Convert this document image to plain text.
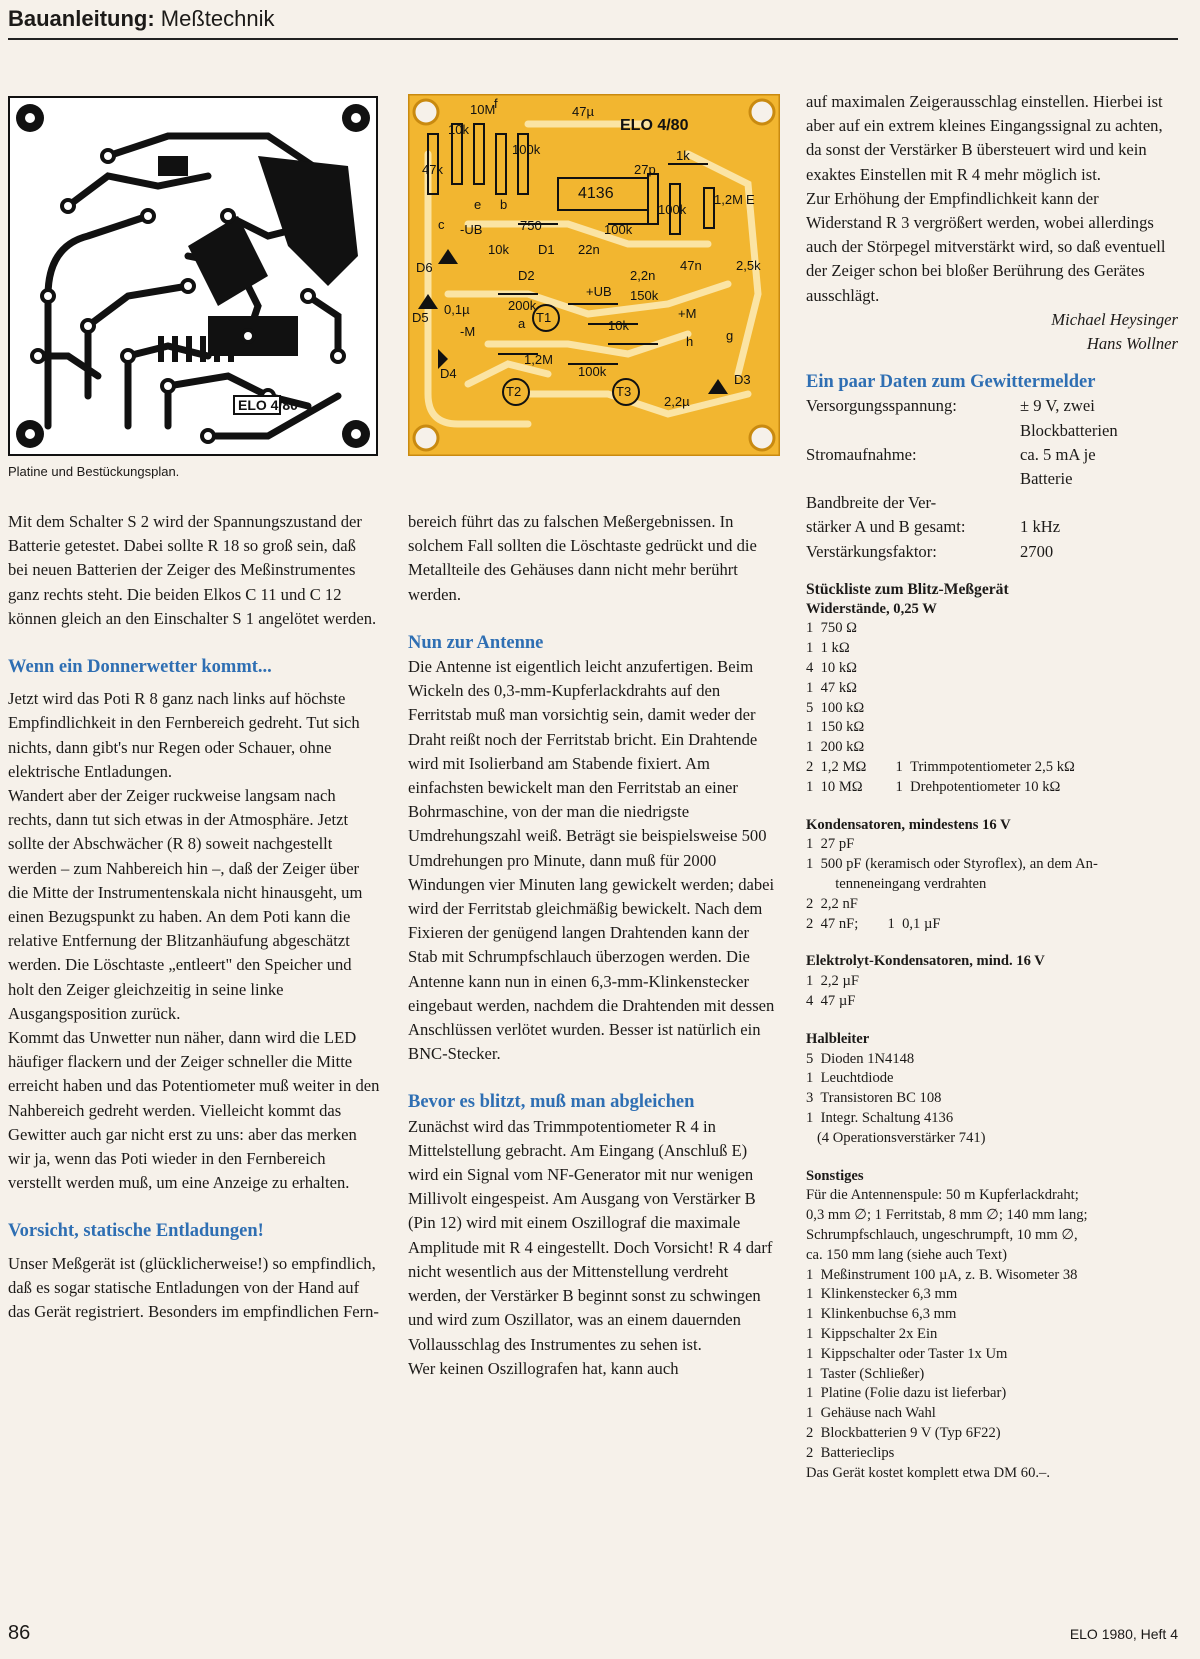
Bauanleitung: Meßtechnik
ELO 4/80
47k
10k
10M
f
100k
47µ
1k
4136
27p
100k
1,2M E
c -UB
e b
750	100k
10k D1 22n
2,2n
2,5k
D6
D2
47n
+UB 150k
D5
0,1µ	200k
T1
10k
+M
-M
a
h	g
D4
1,2M
100k
T2	T3
2,2µ
D3
ELO 4/80
Platine und Bestückungsplan.

Mit dem Schalter S 2 wird der Spannungszustand der Batterie getestet. Dabei sollte R 18 so groß sein, daß bei neuen Batterien der Zeiger des Meßinstrumentes ganz rechts steht. Die beiden Elkos C 11 und C 12 können gleich an den Einschalter S 1 angelötet werden.

Wenn ein Donnerwetter kommt...

Jetzt wird das Poti R 8 ganz nach links auf höchste Empfindlichkeit in den Fernbereich gedreht. Tut sich nichts, dann gibt's nur Regen oder Schauer, ohne elektrische Entladungen.

Wandert aber der Zeiger ruckweise langsam nach rechts, dann tut sich etwas in der Atmosphäre. Jetzt sollte der Abschwächer (R 8) soweit nachgestellt werden – zum Nahbereich hin –, daß der Zeiger über die Mitte der Instrumentenskala nicht hinausgeht, um einen Bezugspunkt zu haben. An dem Poti kann die relative Entfernung der Blitzanhäufung abgeschätzt werden. Die Löschtaste „entleert" den Speicher und holt den Zeiger gleichzeitig in seine linke Ausgangsposition zurück.

Kommt das Unwetter nun näher, dann wird die LED häufiger flackern und der Zeiger schneller die Mitte erreicht haben und das Potentiometer muß weiter in den Nahbereich gedreht werden. Vielleicht kommt das Gewitter auch gar nicht erst zu uns: aber das merken wir ja, wenn das Poti wieder in den Fernbereich verstellt werden muß, um eine Anzeige zu erhalten.

Vorsicht, statische Entladungen!

Unser Meßgerät ist (glücklicherweise!) so empfindlich, daß es sogar statische Entladungen von der Hand auf das Gerät registriert. Besonders im empfindlichen Fern-

bereich führt das zu falschen Meßergebnissen. In solchem Fall sollten die Löschtaste gedrückt und die Metallteile des Gehäuses dann nicht mehr berührt werden.

Nun zur Antenne

Die Antenne ist eigentlich leicht anzufertigen. Beim Wickeln des 0,3-mm-Kupferlackdrahts auf den Ferritstab muß man vorsichtig sein, damit weder der Draht reißt noch der Ferritstab bricht. Ein Drahtende wird mit Isolierband am Stabende fixiert. Am einfachsten bewickelt man den Ferritstab an einer Bohrmaschine, von der man die niedrigste Umdrehungszahl weiß. Beträgt sie beispielsweise 500 Umdrehungen pro Minute, dann muß für 2000 Windungen vier Minuten lang gewickelt werden; dabei wird der Ferritstab gleichmäßig bewickelt. Nach dem Fixieren der genügend langen Drahtenden kann der Stab mit Schrumpfschlauch überzogen werden. Die Antenne kann nun in einen 6,3-mm-Klinkenstecker eingebaut werden, nachdem die Drahtenden mit dessen Anschlüssen verlötet wurden. Besser ist natürlich ein BNC-Stecker.

Bevor es blitzt, muß man abgleichen

Zunächst wird das Trimmpotentiometer R 4 in Mittelstellung gebracht. Am Eingang (Anschluß E) wird ein Signal vom NF-Generator mit nur wenigen Millivolt eingespeist. Am Ausgang von Verstärker B (Pin 12) wird mit einem Oszillograf die maximale Amplitude mit R 4 eingestellt. Doch Vorsicht! R 4 darf nicht wesentlich aus der Mittenstellung verdreht werden, der Verstärker B beginnt sonst zu schwingen und wird zum Oszillator, was an einem dauernden Vollausschlag des Instrumentes zu sehen ist.

Wer keinen Oszillografen hat, kann auch

auf maximalen Zeigerausschlag einstellen. Hierbei ist aber auf ein extrem kleines Eingangssignal zu achten, da sonst der Verstärker B übersteuert wird und kein exaktes Einstellen mit R 4 mehr möglich ist.

Zur Erhöhung der Empfindlichkeit kann der Widerstand R 3 vergrößert werden, wobei allerdings auch der Störpegel mitverstärkt wird, so daß eventuell der Zeiger schon bei bloßer Berührung des Gerätes ausschlägt.

Michael Heysinger

Hans Wollner

Ein paar Daten zum Gewittermelder
Versorgungsspannung:	± 9 V, zwei
Blockbatterien
Stromaufnahme:	ca. 5 mA je
Batterie
Bandbreite der Ver-
stärker A und B gesamt:	1 kHz
Verstärkungsfaktor:	2700
Stückliste zum Blitz-Meßgerät
Widerstände, 0,25 W
1  750 Ω
1  1 kΩ
4  10 kΩ
1  47 kΩ
5  100 kΩ
1  150 kΩ
1  200 kΩ
2  1,2 MΩ        1  Trimmpotentiometer 2,5 kΩ
1  10 MΩ         1  Drehpotentiometer 10 kΩ
Kondensatoren, mindestens 16 V
1  27 pF
1  500 pF (keramisch oder Styroflex), an dem An-
tenneneingang verdrahten
2  2,2 nF
2  47 nF;        1  0,1 µF
Elektrolyt-Kondensatoren, mind. 16 V
1  2,2 µF
4  47 µF
Halbleiter
5  Dioden 1N4148
1  Leuchtdiode
3  Transistoren BC 108
1  Integr. Schaltung 4136
(4 Operationsverstärker 741)
Sonstiges
Für die Antennenspule: 50 m Kupferlackdraht;
0,3 mm ∅; 1 Ferritstab, 8 mm ∅; 140 mm lang;
Schrumpfschlauch, ungeschrumpft, 10 mm ∅,
ca. 150 mm lang (siehe auch Text)
1  Meßinstrument 100 µA, z. B. Wisometer 38
1  Klinkenstecker 6,3 mm
1  Klinkenbuchse 6,3 mm
1  Kippschalter 2x Ein
1  Kippschalter oder Taster 1x Um
1  Taster (Schließer)
1  Platine (Folie dazu ist lieferbar)
1  Gehäuse nach Wahl
2  Blockbatterien 9 V (Typ 6F22)
2  Batterieclips
Das Gerät kostet komplett etwa DM 60.–.
86	ELO 1980, Heft 4
